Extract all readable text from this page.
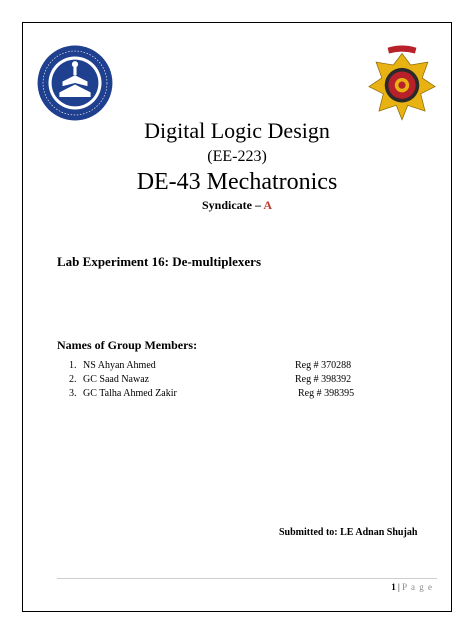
Digital Logic Design
(EE-223)
DE-43 Mechatronics
Syndicate – A
Lab Experiment 16: De-multiplexers
Names of Group Members:
1. NS Ahyan Ahmed	Reg # 370288
2. GC Saad Nawaz	Reg # 398392
3. GC Talha Ahmed Zakir	Reg # 398395
Submitted to: LE Adnan Shujah
1 | P a g e
